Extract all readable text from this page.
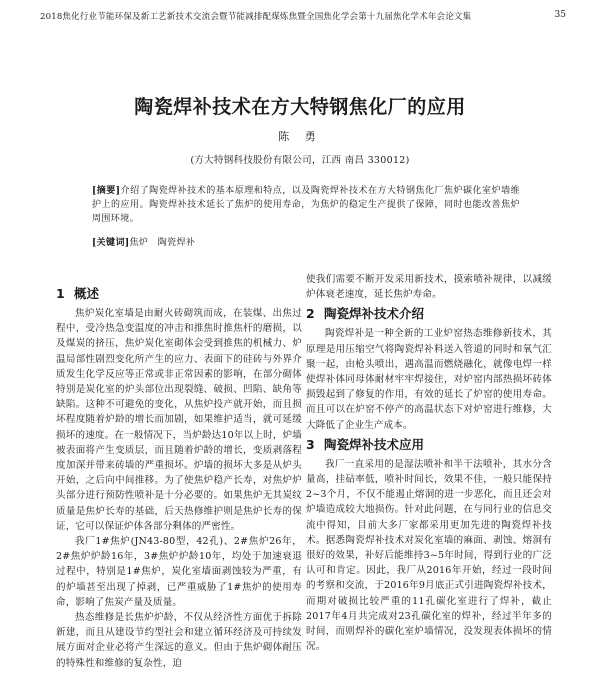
2018焦化行业节能环保及新工艺新技术交流会暨节能减排配煤炼焦暨全国焦化学会第十九届焦化学术年会论文集	35
陶瓷焊补技术在方大特钢焦化厂的应用
陈 勇
(方大特钢科技股份有限公司，江西 南昌 330012)
[摘要]介绍了陶瓷焊补技术的基本原理和特点，以及陶瓷焊补技术在方大特钢焦化厂焦炉碳化室炉墙维护上的应用。陶瓷焊补技术延长了焦炉的使用寿命，为焦炉的稳定生产提供了保障，同时也能改善焦炉周围环境。
[关键词]焦炉　陶瓷焊补
1 概述

焦炉炭化室墙是由耐火砖砌筑而成，在装煤、出焦过程中，受冷热急变温度的冲击和推焦时推焦杆的磨损，以及煤炭的挤压，焦炉炭化室砌体会受到推焦的机械力、炉温局部性剧烈变化所产生的应力、表面下的硅砖与外界介质发生化学反应等正常或非正常因素的影响，在部分砌体特别是炭化室的炉头部位出现裂缝、破损、凹陷、缺角等缺陷。这种不可避免的变化，从焦炉投产就开始，而且损坏程度随着炉龄的增长而加剧，如果维护适当，就可延缓损坏的速度。在一般情况下，当炉龄达10年以上时，炉墙被表面将产生变质层，而且随着炉龄的增长，变质剥落程度加深并带来砖墙的严重损坏。炉墙的损坏大多是从炉头开始，之后向中间推移。为了使焦炉稳产长寿，对焦炉炉头部分进行预防性喷补是十分必要的。如果焦炉无其炭纹质量是焦炉长寿的基础，后天热修维护则是焦炉长寿的保证，它可以保证炉体各部分剩体的严密性。

我厂1#焦炉(JN43-80型，42孔)、2#焦炉26年，2#焦炉炉龄16年，3#焦炉炉龄10年，均处于加速衰退过程中，特别是1#焦炉，炭化室墙面剥蚀较为严重，有的炉墙甚至出现了掉剥，已严重威胁了1#焦炉的使用寿命，影响了焦炭产量及质量。

热态维修是长焦炉炉龄，不仅从经济性方面优于拆除新建，而且从建设节约型社会和建立循环经济及可持续发展方面对企业必将产生深远的意义。但由于焦炉砌体耐压的特殊性和维修的复杂性，迫

使我们需要不断开发采用新技术，摸索喷补规律，以减缓炉体衰老速度，延长焦炉寿命。

2 陶瓷焊补技术介绍

陶瓷焊补是一种全新的工业炉窑热态维修新技术，其原理是用压缩空气将陶瓷焊补料送入管道的同时和氧气汇聚一起，由枪头喷出，遇高温而燃烧融化，就像电焊一样使焊补体同母体耐材牢牢焊接住，对炉窑内部热损坏砖体损毁起到了修复的作用，有效的延长了炉窑的使用寿命。而且可以在炉窑不停产的高温状态下对炉窑进行维修，大大降低了企业生产成本。

3 陶瓷焊补技术应用

我厂一直采用的是湿法喷补和半干法喷补，其水分含量高，挂砧率低，喷补时间长，效果不佳，一般只能保持2~3个月，不仅不能遏止熔洞的进一步恶化，而且还会对炉墙造成较大地损伤。针对此问题，在与同行业的信息交流中得知，目前大多厂家都采用更加先进的陶瓷焊补技术。据悉陶瓷焊补技术对炭化室墙的麻面、剥蚀、熔洞有很好的效果，补好后能维持3~5年时间，得到行业的广泛认可和肯定。因此，我厂从2016年开始，经过一段时间的考察和交流，于2016年9月底正式引进陶瓷焊补技术，而期对破损比较严重的11孔碳化室进行了焊补，截止2017年4月共完成对23孔碳化室的焊补，经过半年多的时间，而则焊补的碳化室炉墙情况，没发现表体损坏的情况。
